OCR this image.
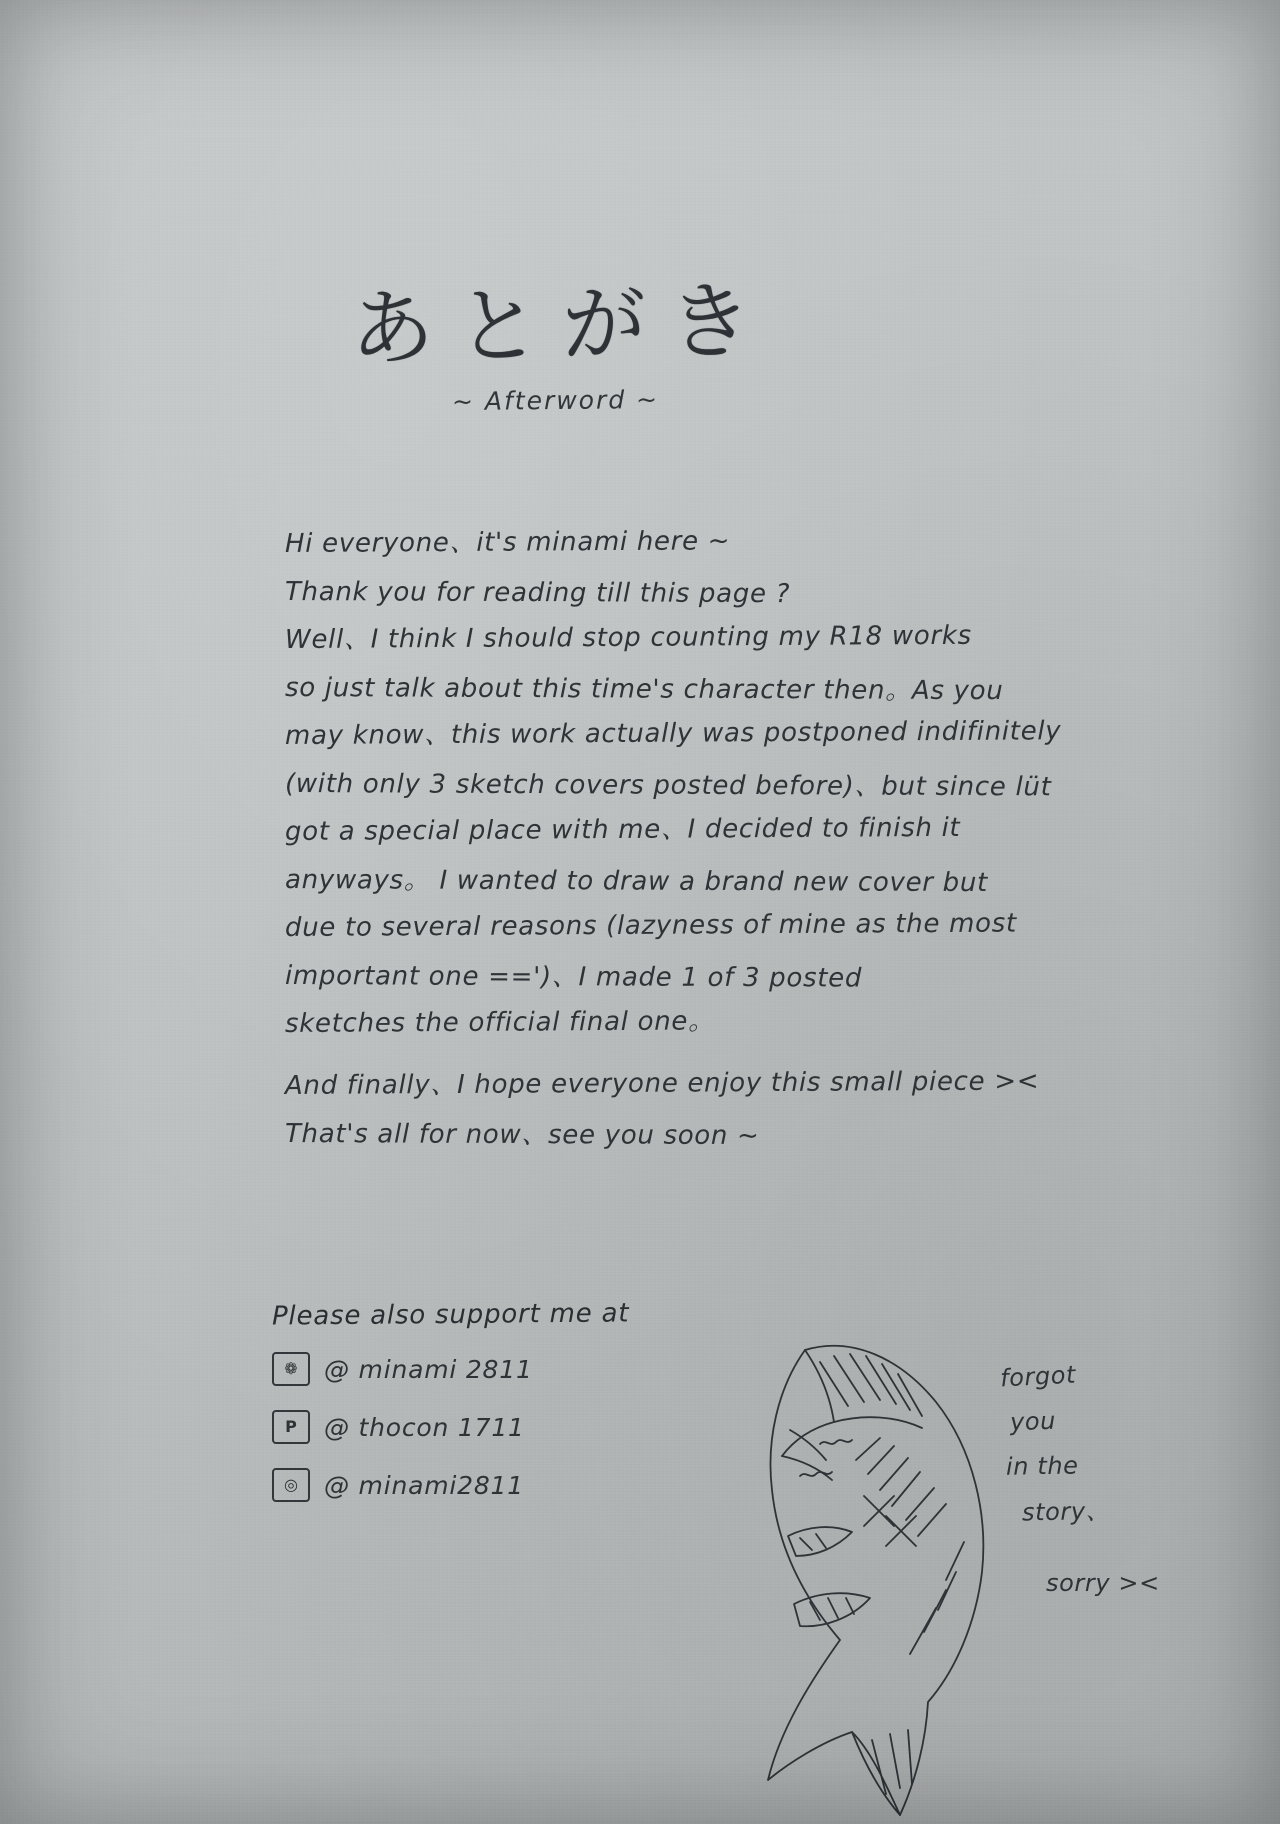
あとがき
~ Afterword ~
Hi everyone、it's minami here ~
Thank you for reading till this page ?
Well、I think I should stop counting my R18 works
so just talk about this time's character then。As you
may know、this work actually was postponed indifinitely
(with only 3 sketch covers posted before)、but since lüt
got a special place with me、I decided to finish it
anyways。 I wanted to draw a brand new cover but
due to several reasons (lazyness of mine as the most
important one ==')、I made 1 of 3 posted
sketches the official final one。
And finally、I hope everyone enjoy this small piece ><
That's all for now、see you soon ~
Please also support me at
❁	@ minami 2811
P	@ thocon 1711
◎	@ minami2811
forgot
you
in the
story、
sorry ><
